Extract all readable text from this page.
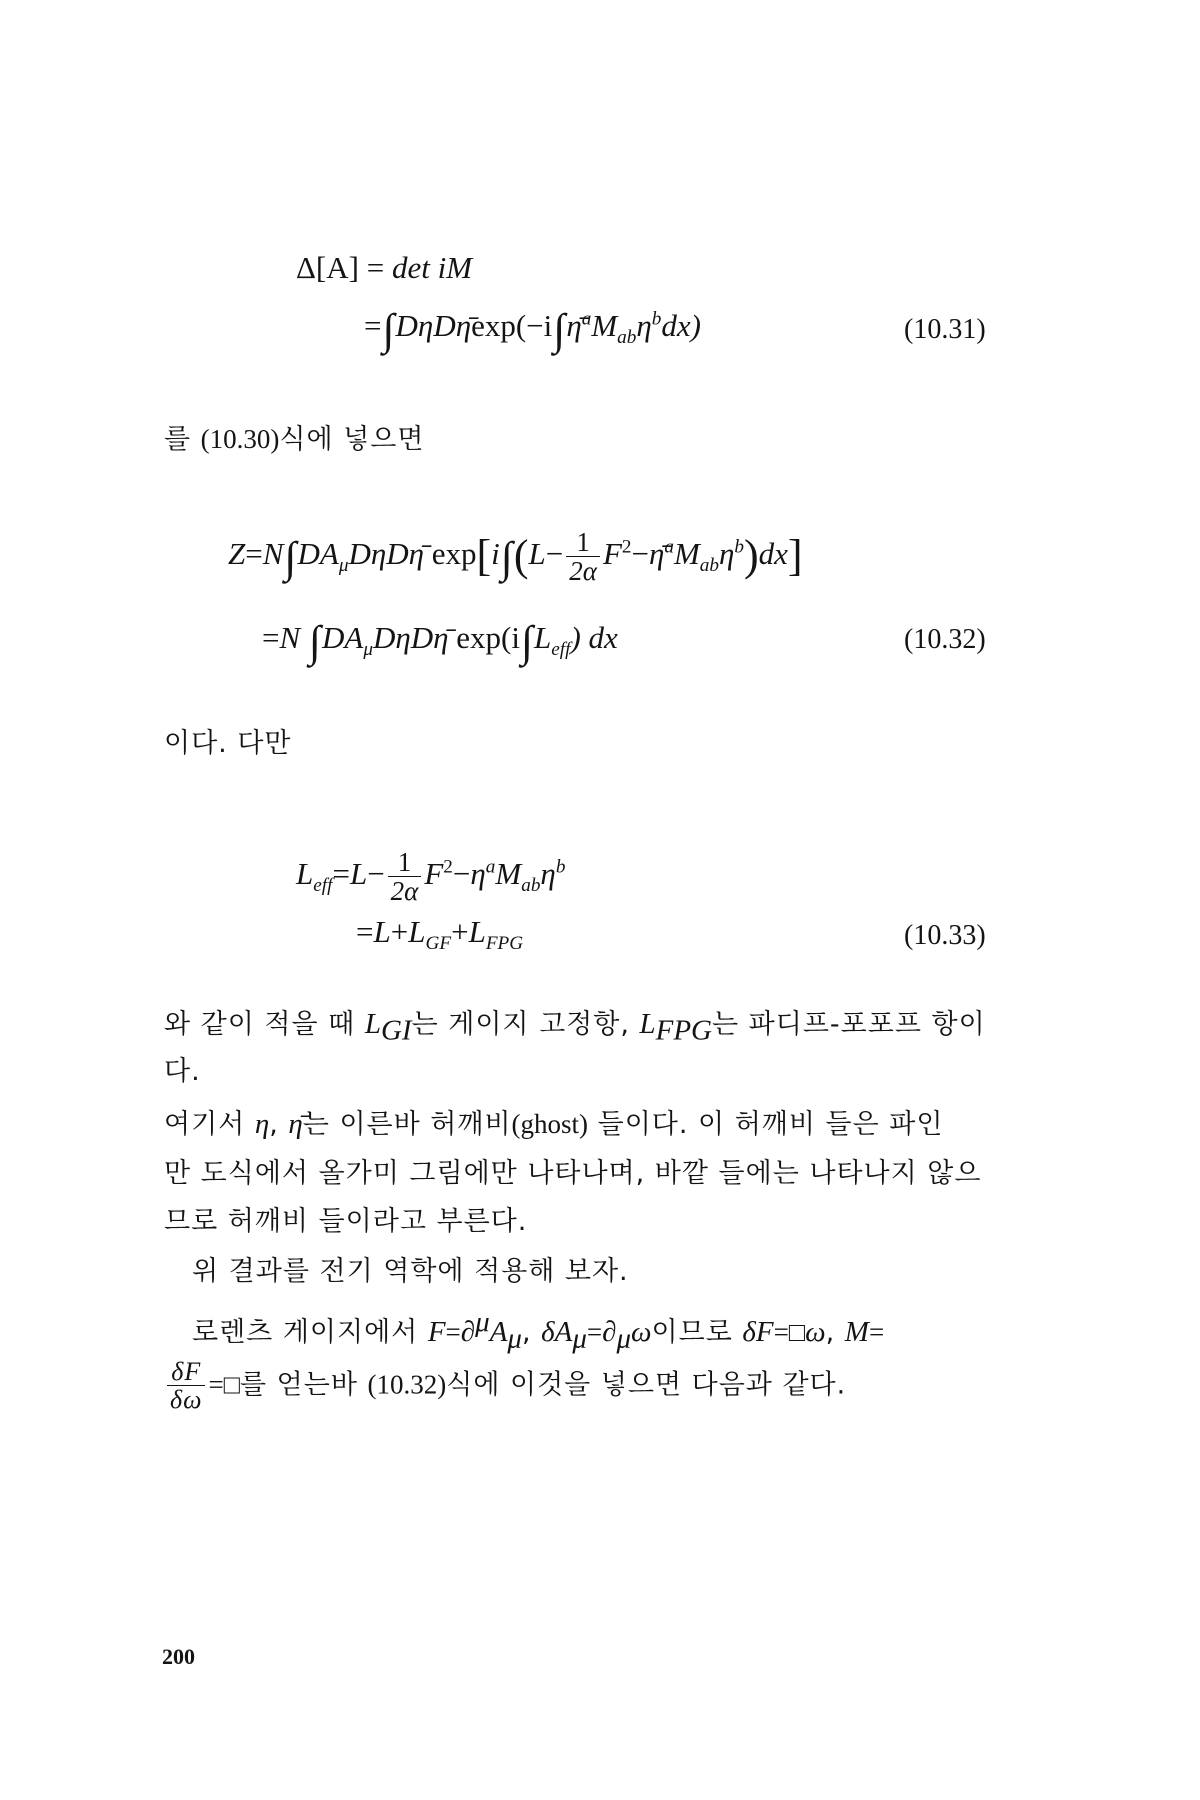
Δ[A] = det iM
$=\int D\eta D\etā\exp(-i\int\etā^aM_{ab}\eta^bdx)$	(10.31)
를 (10.30)식에 넣으면
$Z=N\int DA_\mu D\eta D\etā$ $\exp[i\int(L- \frac{1}{2\alpha}$ $F^2-\etā^aM_{ab}\eta^b)dx$]
=N $\int DA_\mu D\eta D\etā$ $\exp(i\int L_{eff})$ dx	(10.32)
이다. 다만
$L_{eff}=L- \frac{1}{2\alpha} F^2-\eta^aM_{ab}\eta^b$
$=L+L_{GF}+L_{FPG}$	(10.33)
와 같이 적을 때 $L_{GI}$는 게이지 고정항, $L_{FPG}$는 파디프-포포프 항이
다.
여기서 η, η̄는 이른바 허깨비(ghost) 들이다. 이 허깨비 들은 파인
만 도식에서 올가미 그림에만 나타나며, 바깥 들에는 나타나지 않으
므로 허깨비 들이라고 부른다.
위 결과를 전기 역학에 적용해 보자.
로렌츠 게이지에서 $F=\partial^\mu A_\mu$, $\delta A_\mu=\partial_\mu\omega$이므로 δF=□ω, M=
$\frac{\delta F}{\delta\omega}$ =□를 얻는바 (10.32)식에 이것을 넣으면 다음과 같다.
200
